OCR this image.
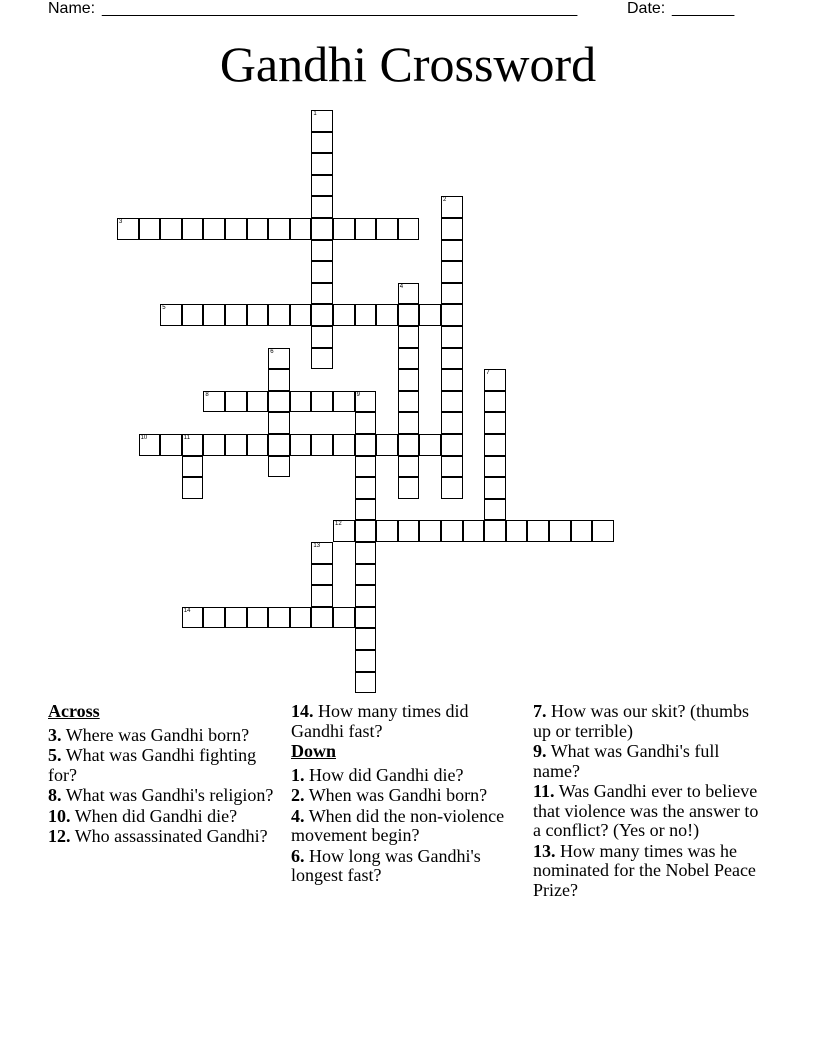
Name: ______________________________________________________	Date: _______
Gandhi Crossword
1
2
3
4
5
6
7
8	9
10	11
12
13
14
Across
3. Where was Gandhi born?
5. What was Gandhi fighting for?
8. What was Gandhi's religion?
10. When did Gandhi die?
12. Who assassinated Gandhi?
14. How many times did Gandhi fast?
Down
1. How did Gandhi die?
2. When was Gandhi born?
4. When did the non-violence movement begin?
6. How long was Gandhi's longest fast?
7. How was our skit? (thumbs up or terrible)
9. What was Gandhi's full name?
11. Was Gandhi ever to believe that violence was the answer to a conflict? (Yes or no!)
13. How many times was he nominated for the Nobel Peace Prize?
